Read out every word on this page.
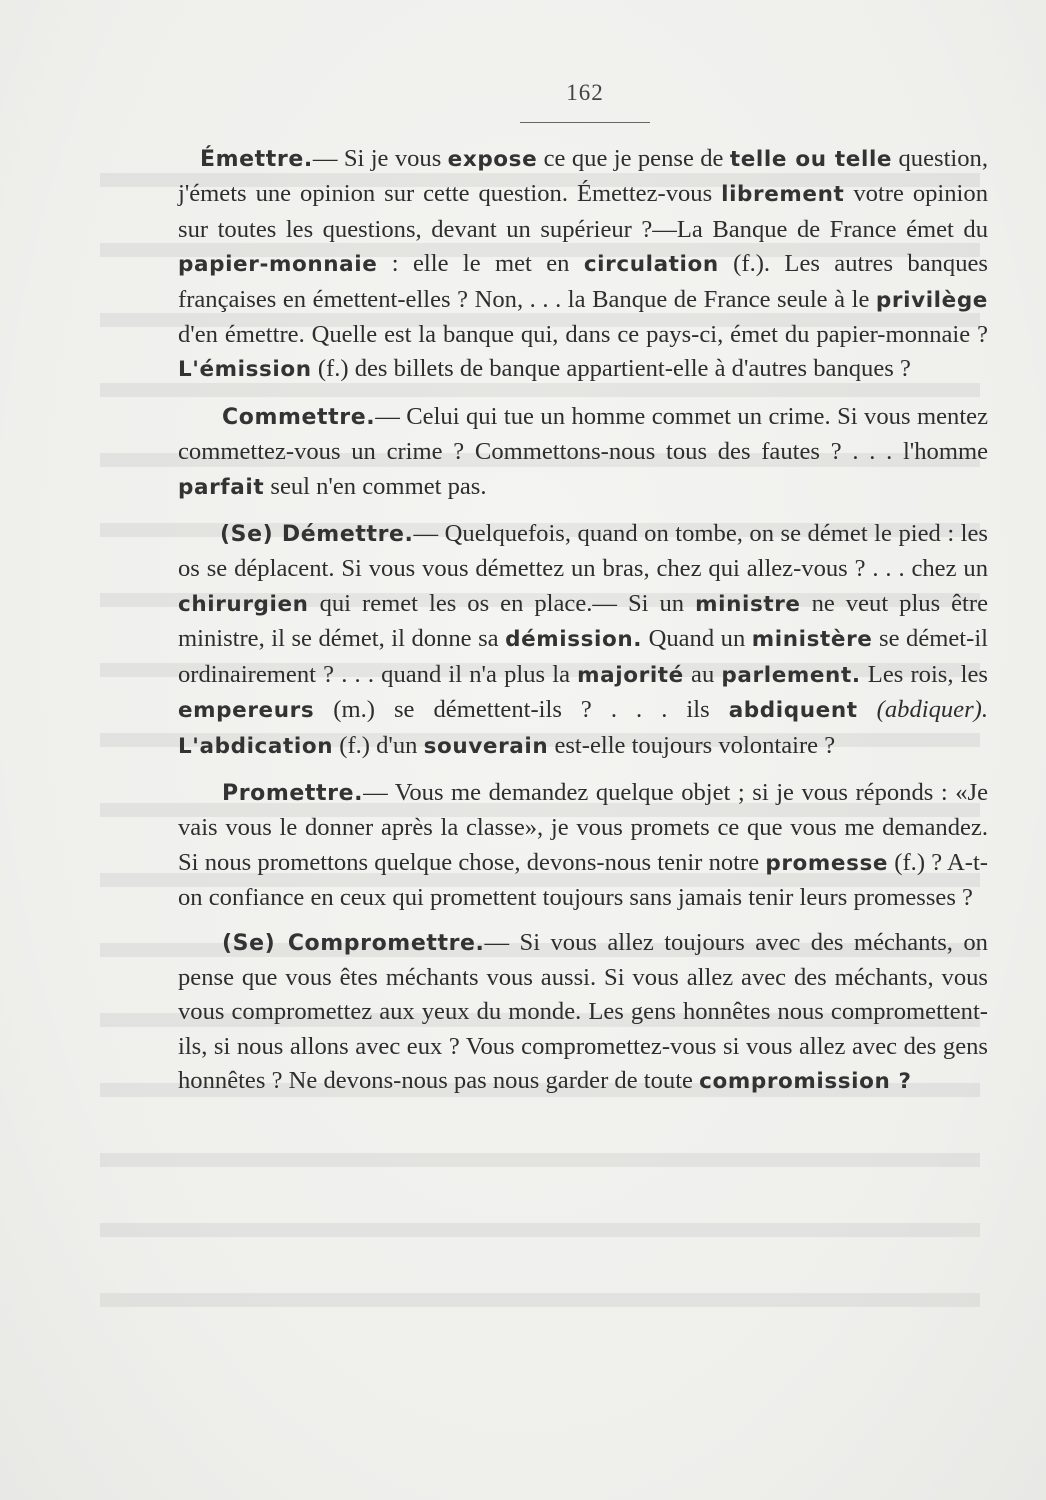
162

Émettre.— Si je vous expose ce que je pense de telle ou telle question, j'émets une opinion sur cette question. Émettez-vous librement votre opinion sur toutes les questions, devant un supérieur ?—La Banque de France émet du papier-monnaie : elle le met en circulation (f.). Les autres banques françaises en émettent-elles ? Non, . . . la Banque de France seule à le privilège d'en émettre. Quelle est la banque qui, dans ce pays-ci, émet du papier-monnaie ? L'émission (f.) des billets de banque appartient-elle à d'autres banques ?

Commettre.— Celui qui tue un homme commet un crime. Si vous mentez commettez-vous un crime ? Commettons-nous tous des fautes ? . . . l'homme parfait seul n'en commet pas.

(Se) Démettre.— Quelquefois, quand on tombe, on se démet le pied : les os se déplacent. Si vous vous démettez un bras, chez qui allez-vous ? . . . chez un chirurgien qui remet les os en place.— Si un ministre ne veut plus être ministre, il se démet, il donne sa démission. Quand un ministère se démet-il ordinairement ? . . . quand il n'a plus la majorité au parlement. Les rois, les empereurs (m.) se démettent-ils ? . . . ils abdiquent (abdiquer). L'abdication (f.) d'un souverain est-elle toujours volontaire ?

Promettre.— Vous me demandez quelque objet ; si je vous réponds : «Je vais vous le donner après la classe», je vous promets ce que vous me demandez. Si nous promettons quelque chose, devons-nous tenir notre promesse (f.) ? A-t-on confiance en ceux qui promettent toujours sans jamais tenir leurs promesses ?

(Se) Compromettre.— Si vous allez toujours avec des méchants, on pense que vous êtes méchants vous aussi. Si vous allez avec des méchants, vous vous compromettez aux yeux du monde. Les gens honnêtes nous compromettent-ils, si nous allons avec eux ? Vous compromettez-vous si vous allez avec des gens honnêtes ? Ne devons-nous pas nous garder de toute compromission ?
